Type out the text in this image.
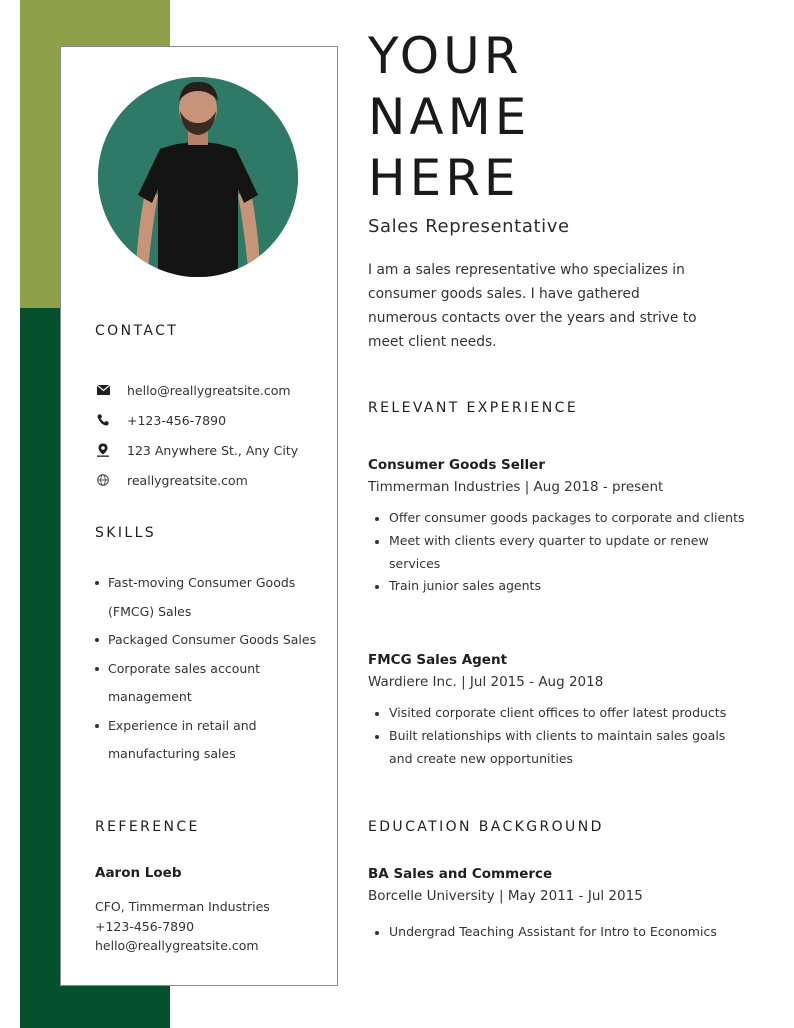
CONTACT
hello@reallygreatsite.com
+123-456-7890
123 Anywhere St., Any City
reallygreatsite.com
SKILLS
Fast-moving Consumer Goods (FMCG) Sales
Packaged Consumer Goods Sales
Corporate sales account management
Experience in retail and manufacturing sales
REFERENCE
Aaron Loeb
CFO, Timmerman Industries
+123-456-7890
hello@reallygreatsite.com
YOUR
NAME
HERE
Sales Representative

I am a sales representative who specializes in consumer goods sales. I have gathered numerous contacts over the years and strive to meet client needs.

RELEVANT EXPERIENCE
Consumer Goods Seller
Timmerman Industries | Aug 2018 - present
Offer consumer goods packages to corporate and clients
Meet with clients every quarter to update or renew services
Train junior sales agents
FMCG Sales Agent
Wardiere Inc. | Jul 2015 - Aug 2018
Visited corporate client offices to offer latest products
Built relationships with clients to maintain sales goals and create new opportunities
EDUCATION BACKGROUND
BA Sales and Commerce
Borcelle University | May 2011 - Jul 2015
Undergrad Teaching Assistant for Intro to Economics
